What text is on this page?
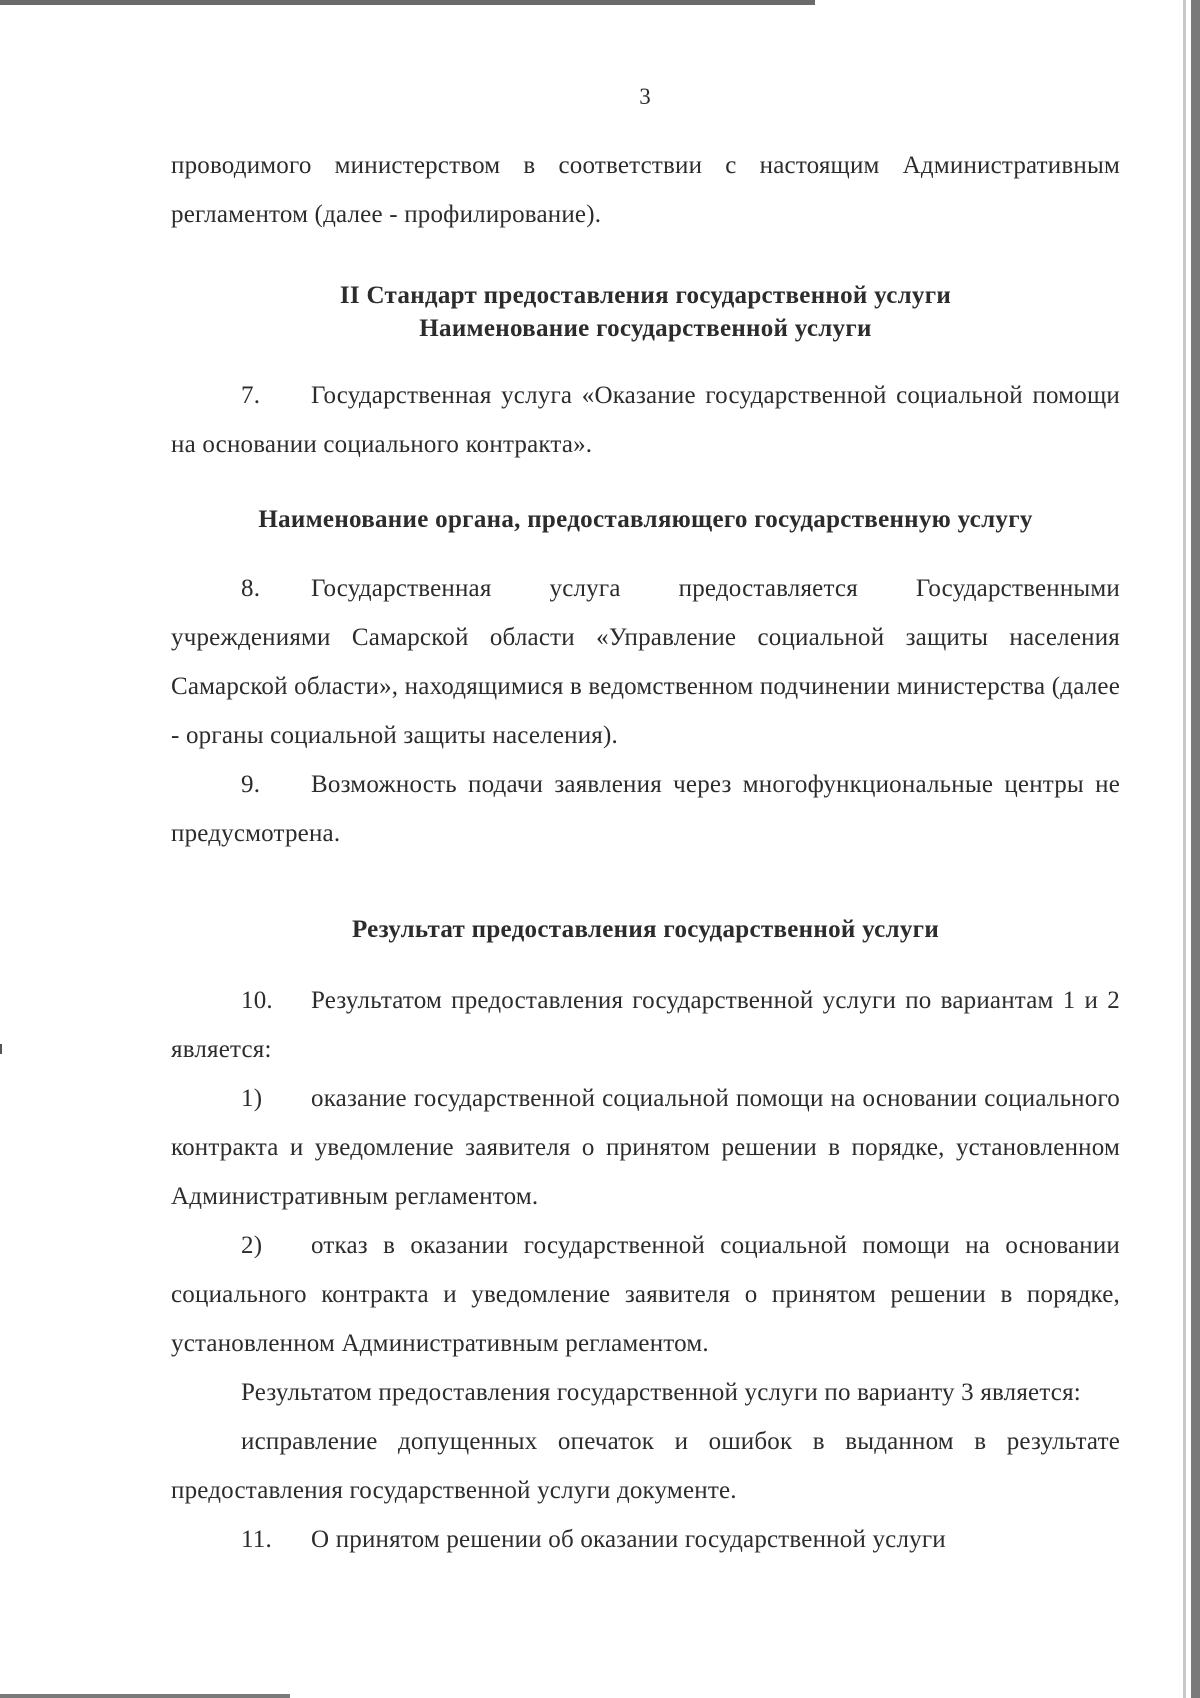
3

проводимого министерством в соответствии с настоящим Административным регламентом (далее - профилирование).

II Стандарт предоставления государственной услуги

Наименование государственной услуги

7. Государственная услуга «Оказание государственной социальной помощи на основании социального контракта».

Наименование органа, предоставляющего государственную услугу

8. Государственная услуга предоставляется Государственными учреждениями Самарской области «Управление социальной защиты населения Самарской области», находящимися в ведомственном подчинении министерства (далее - органы социальной защиты населения).

9. Возможность подачи заявления через многофункциональные центры не предусмотрена.

Результат предоставления государственной услуги

10. Результатом предоставления государственной услуги по вариантам 1 и 2 является:

1) оказание государственной социальной помощи на основании социального контракта и уведомление заявителя о принятом решении в порядке, установленном Административным регламентом.

2) отказ в оказании государственной социальной помощи на основании социального контракта и уведомление заявителя о принятом решении в порядке, установленном Административным регламентом.

Результатом предоставления государственной услуги по варианту 3 является:

исправление допущенных опечаток и ошибок в выданном в результате предоставления государственной услуги документе.

11. О принятом решении об оказании государственной услуги
